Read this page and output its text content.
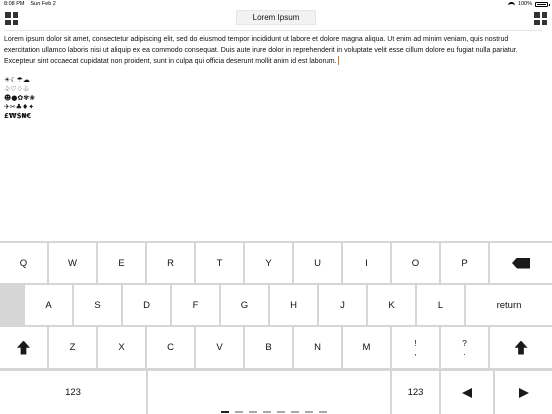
8:08 PM Sun Feb 2	100%
Lorem Ipsum
Lorem ipsum dolor sit amet, consectetur adipiscing elit, sed do eiusmod tempor incididunt ut labore et dolore magna aliqua. Ut enim ad minim veniam, quis nostrud exercitation ullamco laboris nisi ut aliquip ex ea commodo consequat. Duis aute irure dolor in reprehenderit in voluptate velit esse cillum dolore eu fugiat nulla pariatur. Excepteur sint occaecat cupidatat non proident, sunt in culpa qui officia deserunt mollit anim id est laborum.
☀☾☂☁
♤♡♢♧
☻●✿✾❀
✈✂♣♦✦
£₩$₦€
Q	W	E	R	T	Y	U	I	O	P
A	S	D	F	G	H	J	K	L	return
Z	X	C	V	B	N	M	!
,
?
.
123	123
